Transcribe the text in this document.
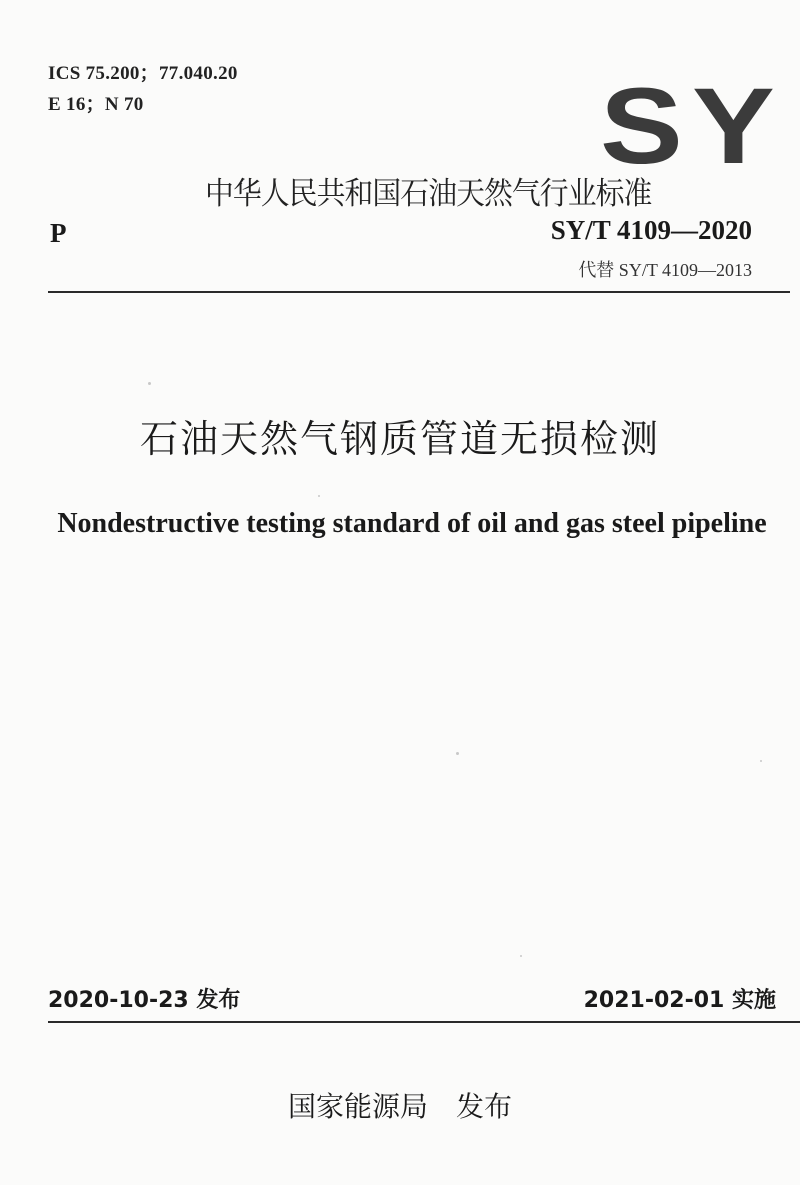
ICS 75.200；77.040.20
E 16；N 70	SY
中华人民共和国石油天然气行业标准
P	SY/T 4109—2020
代替 SY/T 4109—2013
石油天然气钢质管道无损检测
Nondestructive testing standard of oil and gas steel pipeline
2020-10-23 发布	2021-02-01 实施
国家能源局　发布
